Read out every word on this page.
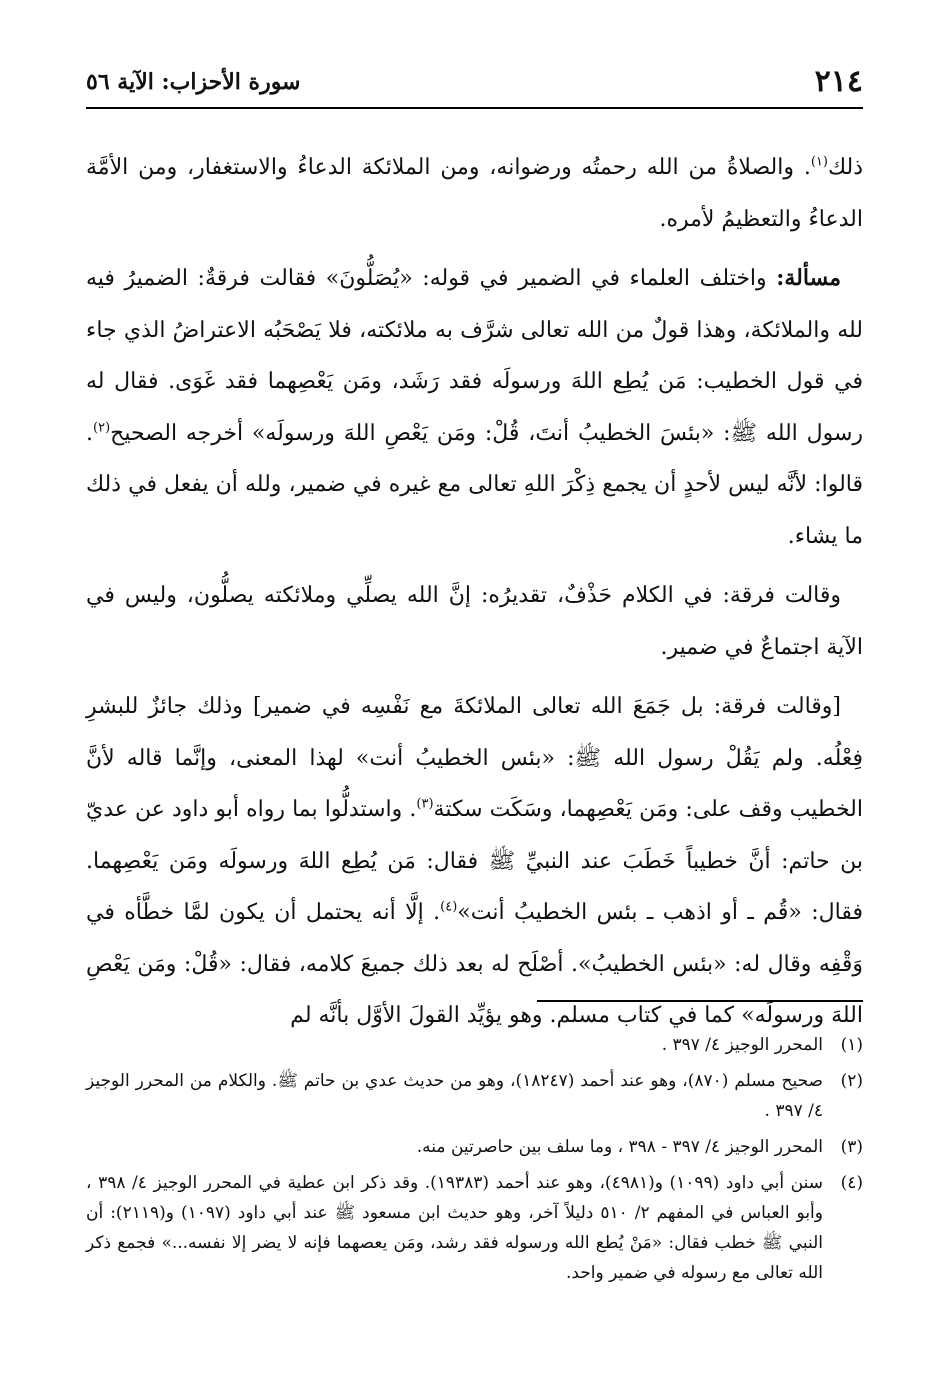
٢١٤
سورة الأحزاب: الآية ٥٦

ذلك$^{(١)}$. والصلاةُ من الله رحمتُه ورضوانه، ومن الملائكة الدعاءُ والاستغفار، ومن الأمَّة الدعاءُ والتعظيمُ لأمره.

مسألة: واختلف العلماء في الضمير في قوله: «يُصَلُّونَ» فقالت فرقةٌ: الضميرُ فيه لله والملائكة، وهذا قولٌ من الله تعالى شرَّف به ملائكته، فلا يَصْحَبُه الاعتراضُ الذي جاء في قول الخطيب: مَن يُطِع اللهَ ورسولَه فقد رَشَد، ومَن يَعْصِهما فقد غَوَى. فقال له رسول الله ﷺ: «بئسَ الخطيبُ أنتَ، قُلْ: ومَن يَعْصِ اللهَ ورسولَه» أخرجه الصحيح$^{(٢)}$. قالوا: لأنَّه ليس لأحدٍ أن يجمع ذِكْرَ اللهِ تعالى مع غيره في ضمير، ولله أن يفعل في ذلك ما يشاء.

وقالت فرقة: في الكلام حَذْفٌ، تقديرُه: إنَّ الله يصلِّي وملائكته يصلُّون، وليس في الآية اجتماعٌ في ضمير.

[وقالت فرقة: بل جَمَعَ الله تعالى الملائكةَ مع نَفْسِه في ضمير] وذلك جائزٌ للبشرِ فِعْلُه. ولم يَقُلْ رسول الله ﷺ: «بئس الخطيبُ أنت» لهذا المعنى، وإنَّما قاله لأنَّ الخطيب وقف على: ومَن يَعْصِهما، وسَكَت سكتة$^{(٣)}$. واستدلُّوا بما رواه أبو داود عن عديّ بن حاتم: أنَّ خطيباً خَطَبَ عند النبيِّ ﷺ فقال: مَن يُطِع اللهَ ورسولَه ومَن يَعْصِهما. فقال: «قُم ـ أو اذهب ـ بئس الخطيبُ أنت»$^{(٤)}$. إلَّا أنه يحتمل أن يكون لمَّا خطَّأه في وَقْفِه وقال له: «بئس الخطيبُ». أصْلَح له بعد ذلك جميعَ كلامه، فقال: «قُلْ: ومَن يَعْصِ اللهَ ورسولَه» كما في كتاب مسلم. وهو يؤيِّد القولَ الأوَّل بأنَّه لم

(١)
المحرر الوجيز ٤/ ٣٩٧ .
(٢)
صحيح مسلم (٨٧٠)، وهو عند أحمد (١٨٢٤٧)، وهو من حديث عدي بن حاتم ﷺ. والكلام من المحرر الوجيز ٤/ ٣٩٧ .
(٣)
المحرر الوجيز ٤/ ٣٩٧ - ٣٩٨ ، وما سلف بين حاصرتين منه.
(٤)
سنن أبي داود (١٠٩٩) و(٤٩٨١)، وهو عند أحمد (١٩٣٨٣). وقد ذكر ابن عطية في المحرر الوجيز ٤/ ٣٩٨ ، وأبو العباس في المفهم ٢/ ٥١٠ دليلاً آخر، وهو حديث ابن مسعود ﷺ عند أبي داود (١٠٩٧) و(٢١١٩): أن النبي ﷺ خطب فقال: «مَنْ يُطع الله ورسوله فقد رشد، ومَن يعصهما فإنه لا يضر إلا نفسه...» فجمع ذكر الله تعالى مع رسوله في ضمير واحد.
